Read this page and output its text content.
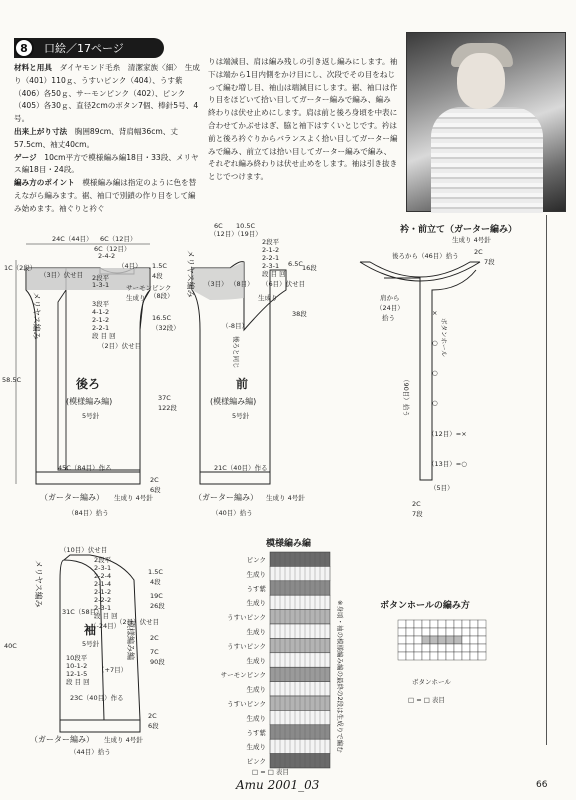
8	口絵／17ページ
材料と用具　 ダイヤモンド毛糸　清潔家族〈細〉　生成り（401）110ｇ、うすいピンク（404）、うす紫（406）各50ｇ、サーモンピンク（402）、ピンク（405）各30ｇ、直径2cmのボタン7個、棒針5号、4号。
出来上がり寸法　 胸囲89cm、背肩幅36cm、丈57.5cm、袖丈40cm。
ゲージ　 10cm平方で模様編み編18目・33段、メリヤス編18目・24段。
編み方のポイント　 模様編み編は指定のように色を替えながら編みます。裾、袖口で別鎖の作り目をして編み始めます。袖ぐりと衿ぐ
りは端減目、肩は編み残しの引き返し編みにします。袖下は端から1目内側をかけ目にし、次段でその目をねじって編む増し目、袖山は端減目にします。裾、袖口は作り目をほどいて拾い目してガーター編みで編み、編み終わりは伏せ止めにします。肩は前と後ろ身頃を中表に合わせてかぶせはぎ、脇と袖下はすくいとじです。衿は前と後ろ衿ぐりからバランスよく拾い目してガーター編みで編み、前立ては拾い目してガーター編みで編み、それぞれ編み終わりは伏せ止めをします。袖は引き抜きとじでつけます。
24C（44目） 6C（12目）
6C（12目）
2-4-2
（4目）
（3目）伏せ目 2段平
1-3-1	サーモンピンク
生成り
3段平
4-1-2
2-1-2
2-2-1
段 目 回
（2目）伏せ目
メリヤス編み
1C（2段）	1.5C
4段
（8段）
16.5C
（32段）
37C
122段
58.5C	後ろ
(模様編み編)
5号針
45C（84目）作る
2C
6段
（ガーター編み） 生成り 4号針
（84目）拾う
6C
（12目）
10.5C
（19目）
2段平
2-1-2
2-2-1
2-3-1
段 目 回
（6目）伏せ目
（8目）
（3目）
生成り
メリヤス編み	6.5C 16段
38段
（-8目）
後ろと同じ
前
(模様編み編)
5号針
21C（40目）作る
（ガーター編み） 生成り 4号針
（40目）拾う
衿・前立て（ガーター編み）
生成り 4号針
後ろから（46目）拾う 2C
7段
肩から
（24目）
拾う	ボタンホール
（90目）拾う
×
○
○
○
（12目）=×
（13目）=○
（5目）
2C
7段
（10目）伏せ目
2段平
2-3-1
2-2-4
2-1-4
2-1-2
2-2-2
2-3-1
段 目 回
31C（58目）
（2目）伏せ目
（-24目）
袖
5号針
10段平
10-1-2
12-1-5
段 目 回
（+7目）
メリヤス編み
模様編み編
1.5C
4段
19C
26段
2C
7C
90段
40C
23C（40目）作る
2C
6段
（ガーター編み） 生成り 4号針
（44目）拾う
模様編み編
ピンク
生成り
うす紫
生成り
うすいピンク
生成り
うすいピンク
生成り
サーモンピンク
生成り
うすいピンク
生成り
うす紫
生成り
ピンク
※身頃・袖の模様編み編の最終の2段は生成りで編む
□ = □ 表目
ボタンホールの編み方
ボタンホール
□ = □ 表目
Amu 2001_03	66
